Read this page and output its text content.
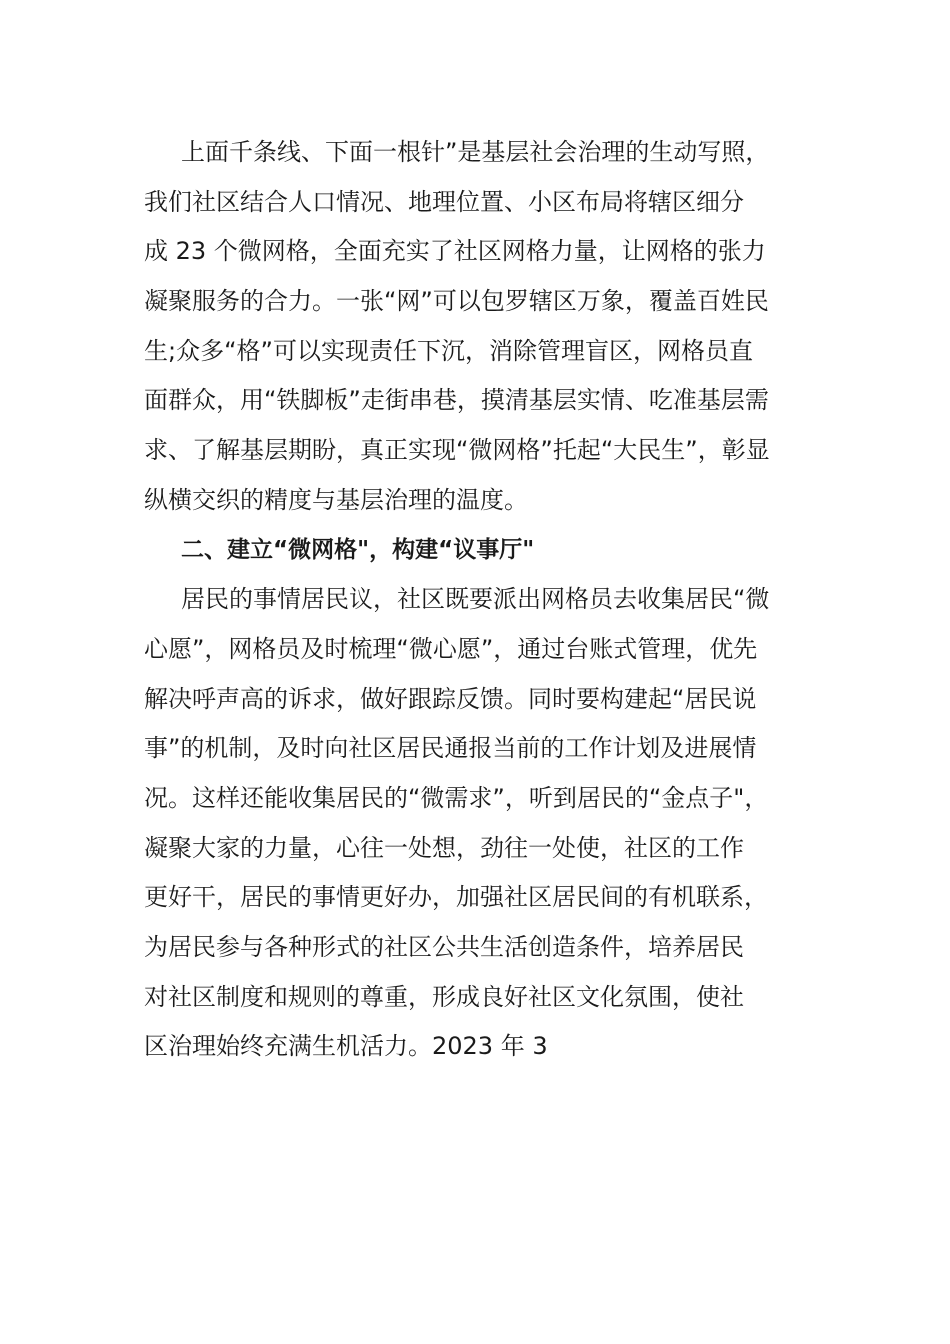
上面千条线、下面一根针”是基层社会治理的生动写照，
我们社区结合人口情况、地理位置、小区布局将辖区细分
成 23 个微网格，全面充实了社区网格力量，让网格的张力
凝聚服务的合力。一张“网”可以包罗辖区万象，覆盖百姓民
生;众多“格”可以实现责任下沉，消除管理盲区，网格员直
面群众，用“铁脚板”走街串巷，摸清基层实情、吃准基层需
求、了解基层期盼，真正实现“微网格”托起“大民生”，彰显
纵横交织的精度与基层治理的温度。
二、建立“微网格"，构建“议事厅"
居民的事情居民议，社区既要派出网格员去收集居民“微
心愿”，网格员及时梳理“微心愿”，通过台账式管理，优先
解决呼声高的诉求，做好跟踪反馈。同时要构建起“居民说
事”的机制，及时向社区居民通报当前的工作计划及进展情
况。这样还能收集居民的“微需求”，听到居民的“金点子"，
凝聚大家的力量，心往一处想，劲往一处使，社区的工作
更好干，居民的事情更好办，加强社区居民间的有机联系，
为居民参与各种形式的社区公共生活创造条件，培养居民
对社区制度和规则的尊重，形成良好社区文化氛围，使社
区治理始终充满生机活力。2023 年 3
